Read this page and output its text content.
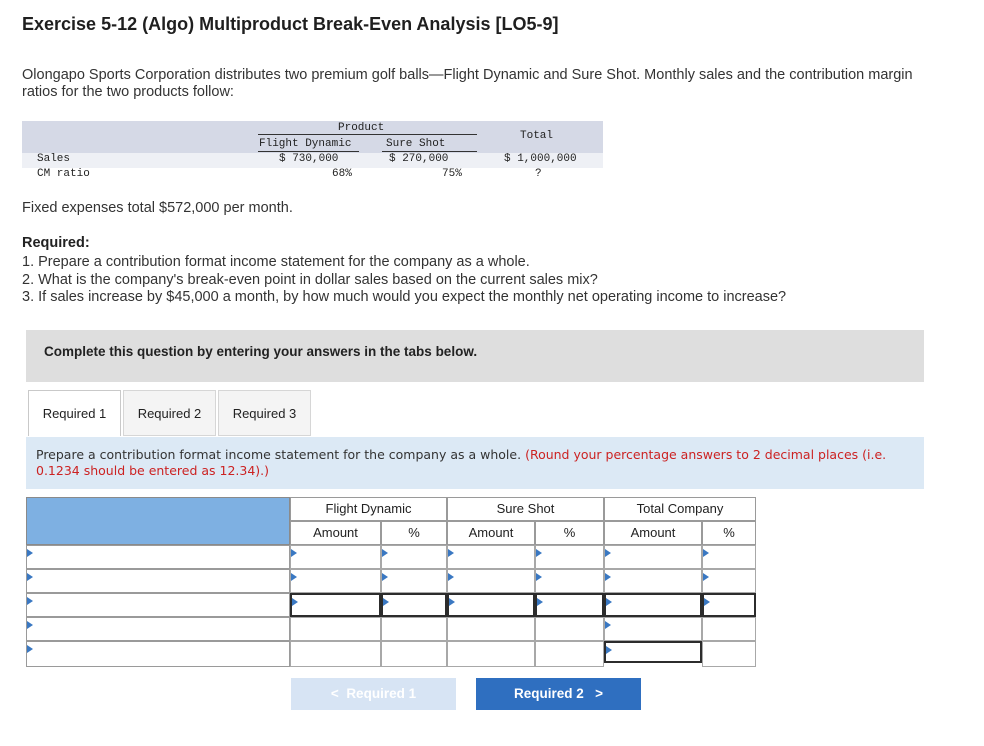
Exercise 5-12 (Algo) Multiproduct Break-Even Analysis [LO5-9]
Olongapo Sports Corporation distributes two premium golf balls—Flight Dynamic and Sure Shot. Monthly sales and the contribution margin ratios for the two products follow:
Product
Flight Dynamic	Sure Shot
Total
Sales	$ 730,000	$ 270,000	$ 1,000,000
CM ratio	68%	75%	?
Fixed expenses total $572,000 per month.
Required:
1. Prepare a contribution format income statement for the company as a whole.
2. What is the company's break-even point in dollar sales based on the current sales mix?
3. If sales increase by $45,000 a month, by how much would you expect the monthly net operating income to increase?
Complete this question by entering your answers in the tabs below.
Required 1	Required 2	Required 3

Prepare a contribution format income statement for the company as a whole. (Round your percentage answers to 2 decimal places (i.e. 0.1234 should be entered as 12.34).)

Flight Dynamic	Sure Shot	Total Company
Amount	%	Amount	%	Amount	%
< Required 1	Required 2 >
